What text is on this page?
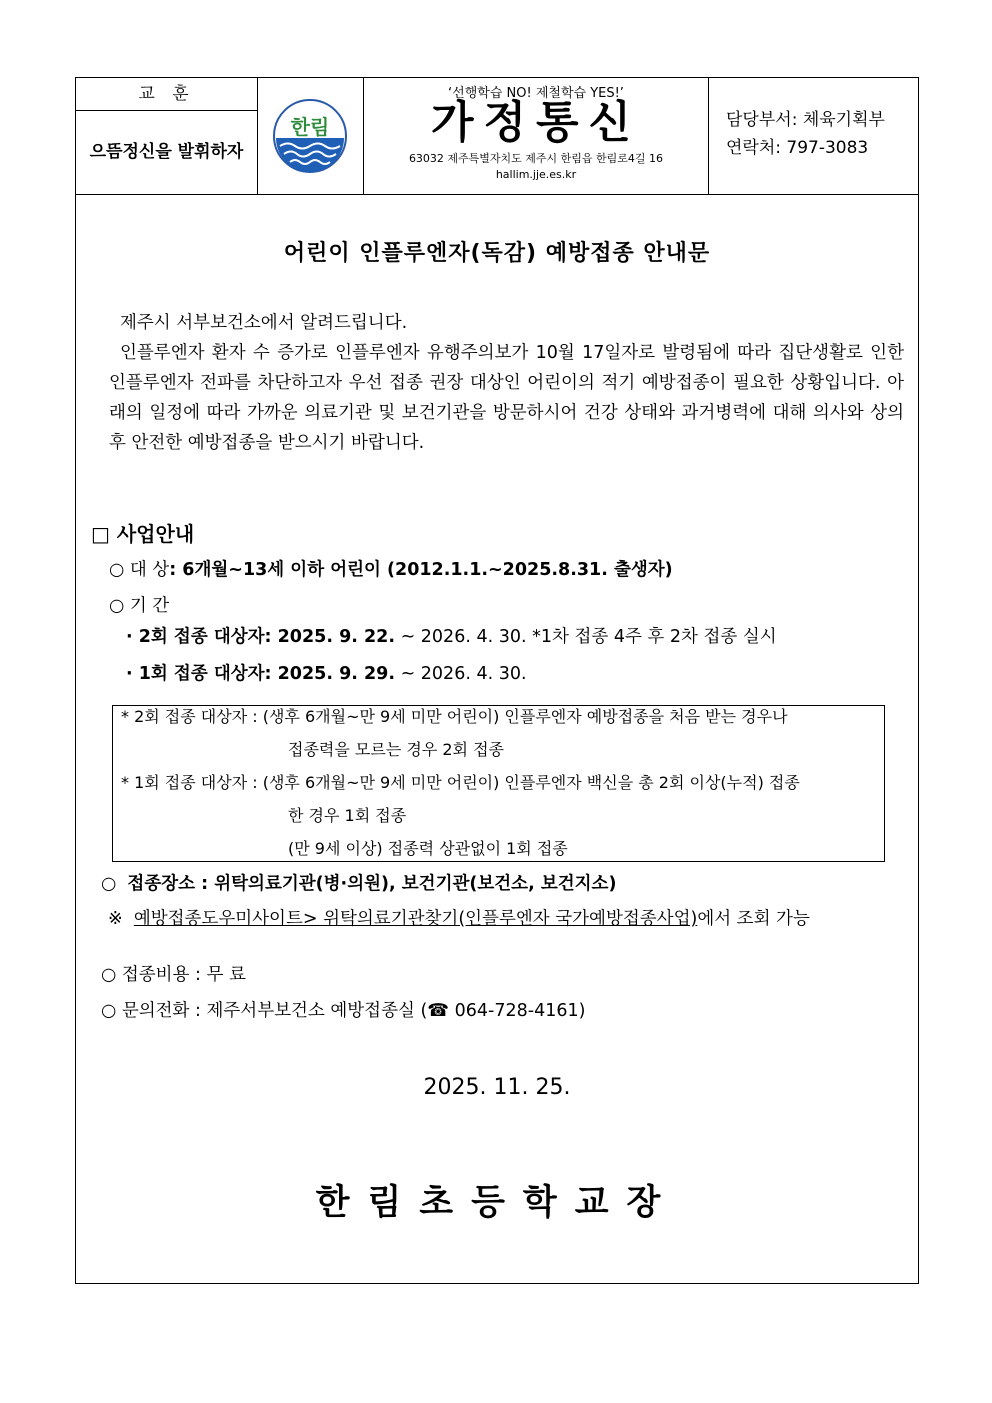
교 훈
으뜸정신을 발휘하자
한림
‘선행학습 NO! 제철학습 YES!’
가정통신
63032 제주특별자치도 제주시 한림읍 한림로4길 16
hallim.jje.es.kr
담당부서: 체육기획부
연락처: 797-3083
어린이 인플루엔자(독감) 예방접종 안내문

제주시 서부보건소에서 알려드립니다.

인플루엔자 환자 수 증가로 인플루엔자 유행주의보가 10월 17일자로 발령됨에 따라 집단생활로 인한 인플루엔자 전파를 차단하고자 우선 접종 권장 대상인 어린이의 적기 예방접종이 필요한 상황입니다. 아래의 일정에 따라 가까운 의료기관 및 보건기관을 방문하시어 건강 상태와 과거병력에 대해 의사와 상의 후 안전한 예방접종을 받으시기 바랍니다.

□ 사업안내
○ 대 상: 6개월~13세 이하 어린이 (2012.1.1.~2025.8.31. 출생자)
○ 기 간
· 2회 접종 대상자: 2025. 9. 22. ~ 2026. 4. 30. *1차 접종 4주 후 2차 접종 실시
· 1회 접종 대상자: 2025. 9. 29. ~ 2026. 4. 30.
* 2회 접종 대상자 : (생후 6개월~만 9세 미만 어린이) 인플루엔자 예방접종을 처음 받는 경우나
접종력을 모르는 경우 2회 접종
* 1회 접종 대상자 : (생후 6개월~만 9세 미만 어린이) 인플루엔자 백신을 총 2회 이상(누적) 접종
한 경우 1회 접종
(만 9세 이상) 접종력 상관없이 1회 접종
○ 접종장소 : 위탁의료기관(병·의원), 보건기관(보건소, 보건지소)
※ 예방접종도우미사이트> 위탁의료기관찾기(인플루엔자 국가예방접종사업)에서 조회 가능
○ 접종비용 : 무 료
○ 문의전화 : 제주서부보건소 예방접종실 (☎ 064-728-4161)
2025. 11. 25.
한림초등학교장
